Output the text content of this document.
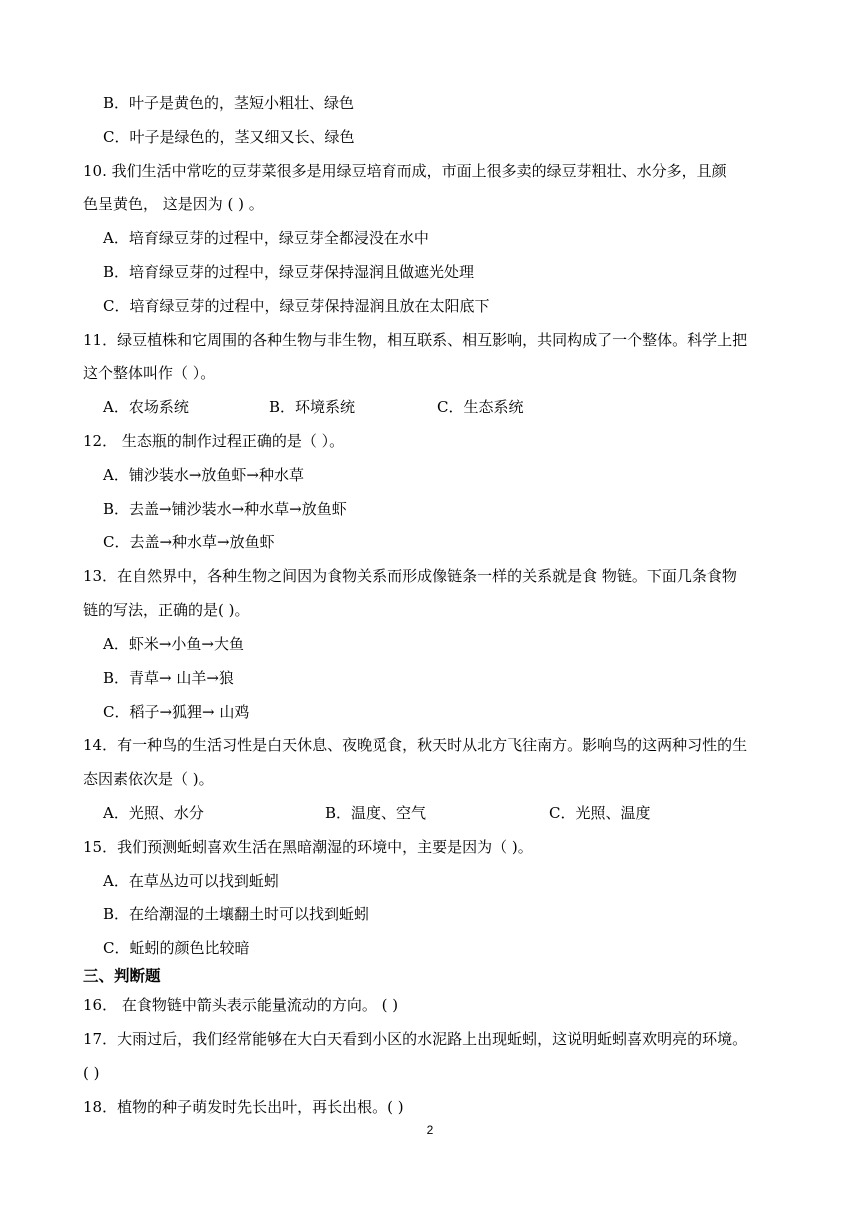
B．叶子是黄色的，茎短小粗壮、绿色
C．叶子是绿色的，茎又细又长、绿色
10. 我们生活中常吃的豆芽菜很多是用绿豆培育而成，市面上很多卖的绿豆芽粗壮、水分多，且颜
色呈黄色， 这是因为 ( ) 。
A．培育绿豆芽的过程中，绿豆芽全都浸没在水中
B．培育绿豆芽的过程中，绿豆芽保持湿润且做遮光处理
C．培育绿豆芽的过程中，绿豆芽保持湿润且放在太阳底下
11．绿豆植株和它周围的各种生物与非生物，相互联系、相互影响，共同构成了一个整体。科学上把
这个整体叫作（ ）。
A．农场系统	B．环境系统	C．生态系统
12． 生态瓶的制作过程正确的是（ ）。
A．铺沙装水→放鱼虾→种水草
B．去盖→铺沙装水→种水草→放鱼虾
C．去盖→种水草→放鱼虾
13．在自然界中，各种生物之间因为食物关系而形成像链条一样的关系就是食 物链。下面几条食物
链的写法，正确的是( )。
A．虾米→小鱼→大鱼
B．青草→ 山羊→狼
C．稻子→狐狸→ 山鸡
14．有一种鸟的生活习性是白天休息、夜晚觅食，秋天时从北方飞往南方。影响鸟的这两种习性的生
态因素依次是（ )。
A．光照、水分	B．温度、空气	C．光照、温度
15．我们预测蚯蚓喜欢生活在黑暗潮湿的环境中，主要是因为（ )。
A．在草丛边可以找到蚯蚓
B．在给潮湿的土壤翻土时可以找到蚯蚓
C．蚯蚓的颜色比较暗
三、判断题
16． 在食物链中箭头表示能量流动的方向。 ( )
17．大雨过后，我们经常能够在大白天看到小区的水泥路上出现蚯蚓，这说明蚯蚓喜欢明亮的环境。
( )
18．植物的种子萌发时先长出叶，再长出根。( )
2
